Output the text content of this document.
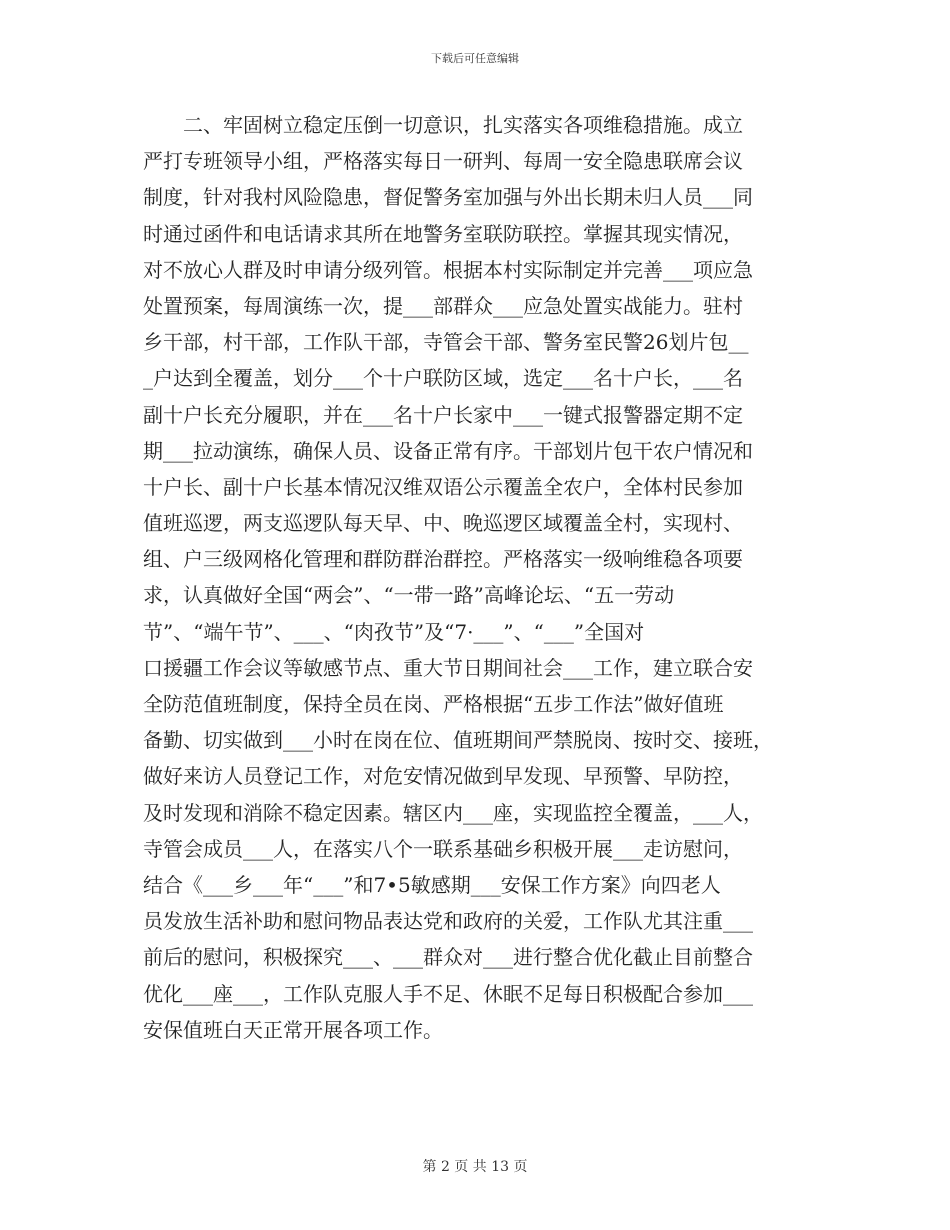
下载后可任意编辑
　　二、牢固树立稳定压倒一切意识，扎实落实各项维稳措施。成立
严打专班领导小组，严格落实每日一研判、每周一安全隐患联席会议
制度，针对我村风险隐患，督促警务室加强与外出长期未归人员___同
时通过函件和电话请求其所在地警务室联防联控。掌握其现实情况，
对不放心人群及时申请分级列管。根据本村实际制定并完善___项应急
处置预案，每周演练一次，提___部群众___应急处置实战能力。驻村
乡干部，村干部，工作队干部，寺管会干部、警务室民警26划片包__
_户达到全覆盖，划分___个十户联防区域，选定___名十户长，___名
副十户长充分履职，并在___名十户长家中___一键式报警器定期不定
期___拉动演练，确保人员、设备正常有序。干部划片包干农户情况和
十户长、副十户长基本情况汉维双语公示覆盖全农户，全体村民参加
值班巡逻，两支巡逻队每天早、中、晚巡逻区域覆盖全村，实现村、
组、户三级网格化管理和群防群治群控。严格落实一级响维稳各项要
求，认真做好全国“两会”、“一带一路”高峰论坛、“五一劳动
节”、“端午节”、___、“肉孜节”及“7·___”、“___”全国对
口援疆工作会议等敏感节点、重大节日期间社会___工作，建立联合安
全防范值班制度，保持全员在岗、严格根据“五步工作法”做好值班
备勤、切实做到___小时在岗在位、值班期间严禁脱岗、按时交、接班，
做好来访人员登记工作，对危安情况做到早发现、早预警、早防控，
及时发现和消除不稳定因素。辖区内___座，实现监控全覆盖，___人，
寺管会成员___人，在落实八个一联系基础乡积极开展___走访慰问，
结合《___乡___年“___”和7•5敏感期___安保工作方案》向四老人
员发放生活补助和慰问物品表达党和政府的关爱，工作队尤其注重___
前后的慰问，积极探究___、___群众对___进行整合优化截止目前整合
优化___座___，工作队克服人手不足、休眠不足每日积极配合参加___
安保值班白天正常开展各项工作。
第 2 页 共 13 页
